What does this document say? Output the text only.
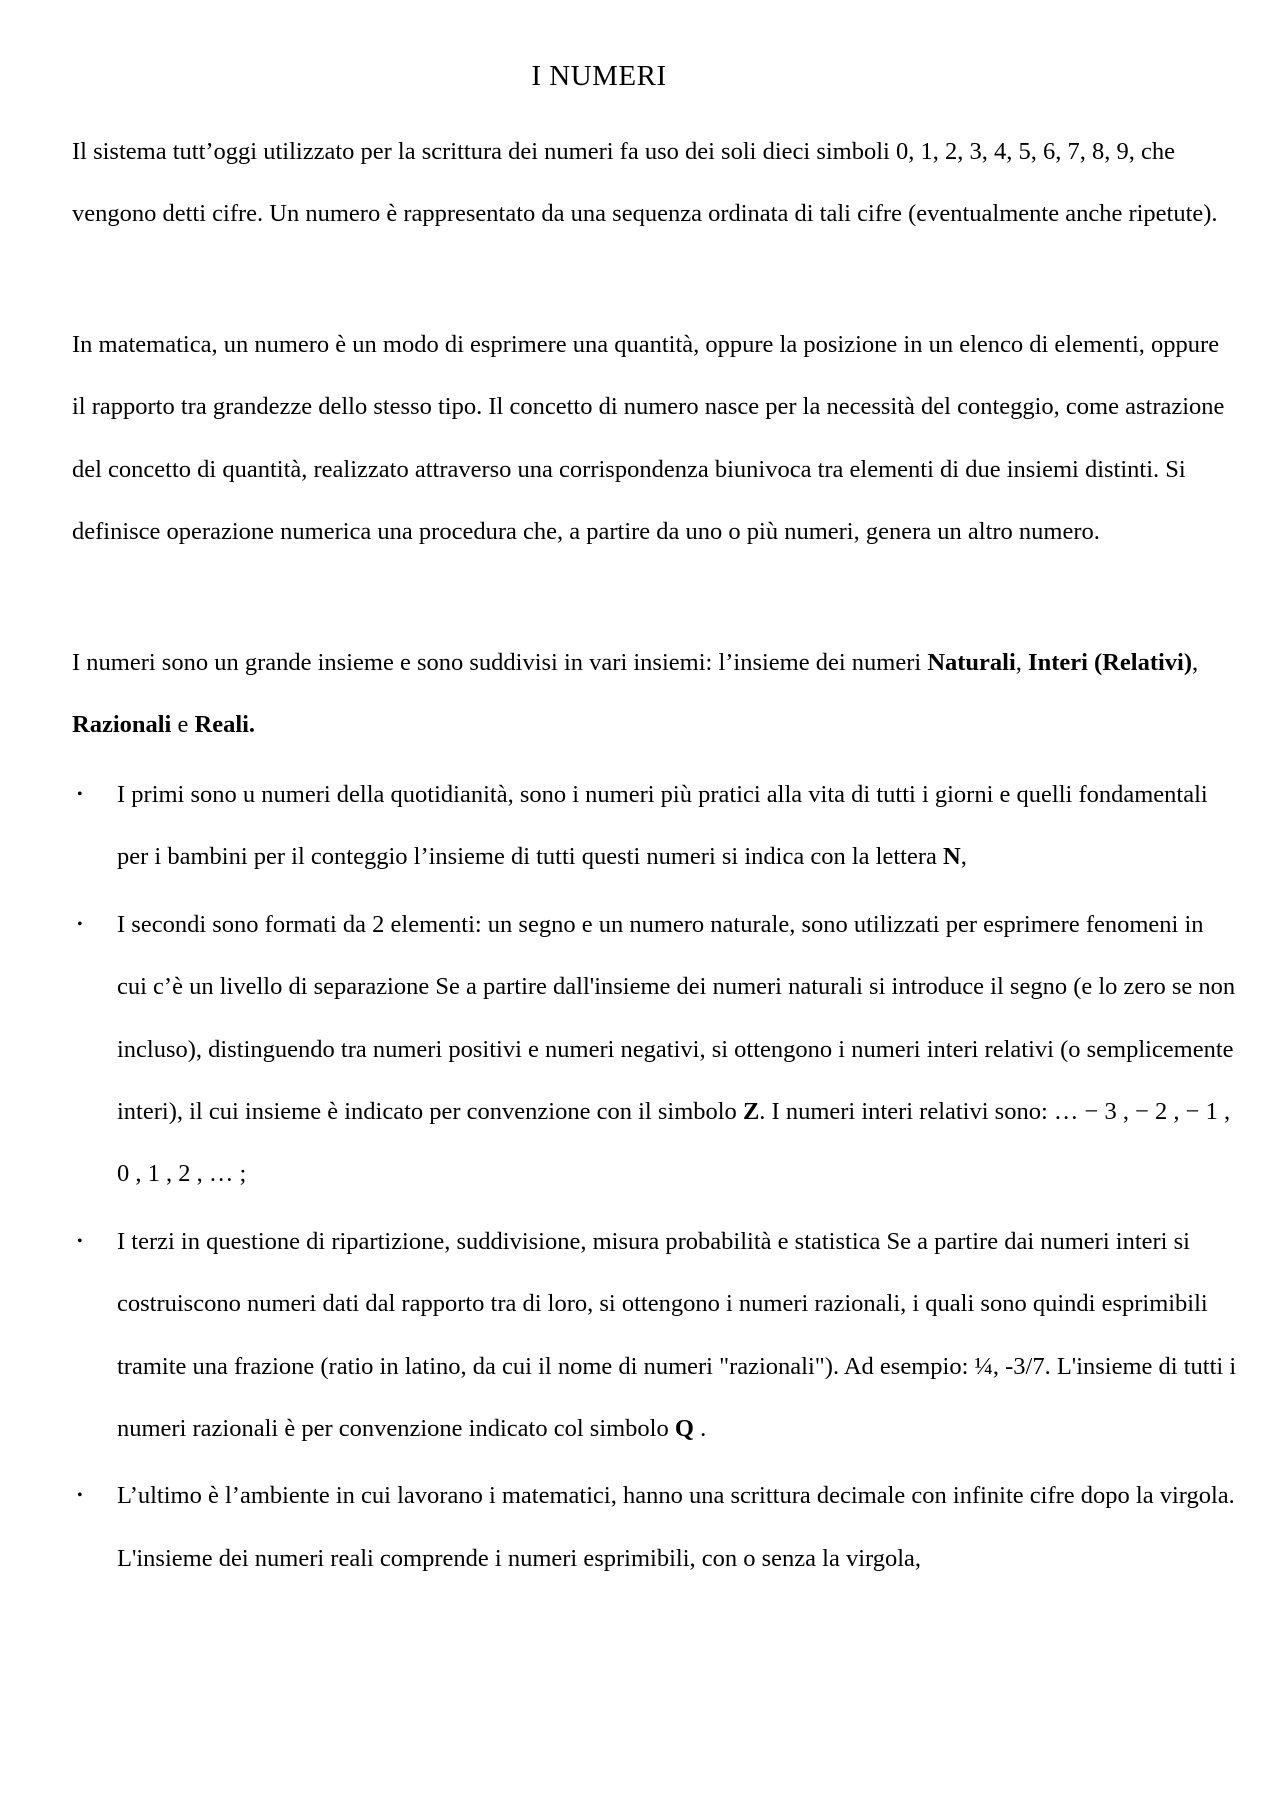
I NUMERI

Il sistema tutt’oggi utilizzato per la scrittura dei numeri fa uso dei soli dieci simboli 0, 1, 2, 3, 4, 5, 6, 7, 8, 9, che vengono detti cifre. Un numero è rappresentato da una sequenza ordinata di tali cifre (eventualmente anche ripetute).

In matematica, un numero è un modo di esprimere una quantità, oppure la posizione in un elenco di elementi, oppure il rapporto tra grandezze dello stesso tipo. Il concetto di numero nasce per la necessità del conteggio, come astrazione del concetto di quantità, realizzato attraverso una corrispondenza biunivoca tra elementi di due insiemi distinti. Si definisce operazione numerica una procedura che, a partire da uno o più numeri, genera un altro numero.

I numeri sono un grande insieme e sono suddivisi in vari insiemi: l’insieme dei numeri Naturali, Interi (Relativi), Razionali e Reali.

• I primi sono u numeri della quotidianità, sono i numeri più pratici alla vita di tutti i giorni e quelli fondamentali per i bambini per il conteggio l’insieme di tutti questi numeri si indica con la lettera N,
• I secondi sono formati da 2 elementi: un segno e un numero naturale, sono utilizzati per esprimere fenomeni in cui c’è un livello di separazione Se a partire dall'insieme dei numeri naturali si introduce il segno (e lo zero se non incluso), distinguendo tra numeri positivi e numeri negativi, si ottengono i numeri interi relativi (o semplicemente interi), il cui insieme è indicato per convenzione con il simbolo Z. I numeri interi relativi sono: … − 3 , − 2 , − 1 , 0 , 1 , 2 , … ;
• I terzi in questione di ripartizione, suddivisione, misura probabilità e statistica Se a partire dai numeri interi si costruiscono numeri dati dal rapporto tra di loro, si ottengono i numeri razionali, i quali sono quindi esprimibili tramite una frazione (ratio in latino, da cui il nome di numeri "razionali"). Ad esempio: ¼, -3/7. L'insieme di tutti i numeri razionali è per convenzione indicato col simbolo Q .
• L’ultimo è l’ambiente in cui lavorano i matematici, hanno una scrittura decimale con infinite cifre dopo la virgola. L'insieme dei numeri reali comprende i numeri esprimibili, con o senza la virgola,
